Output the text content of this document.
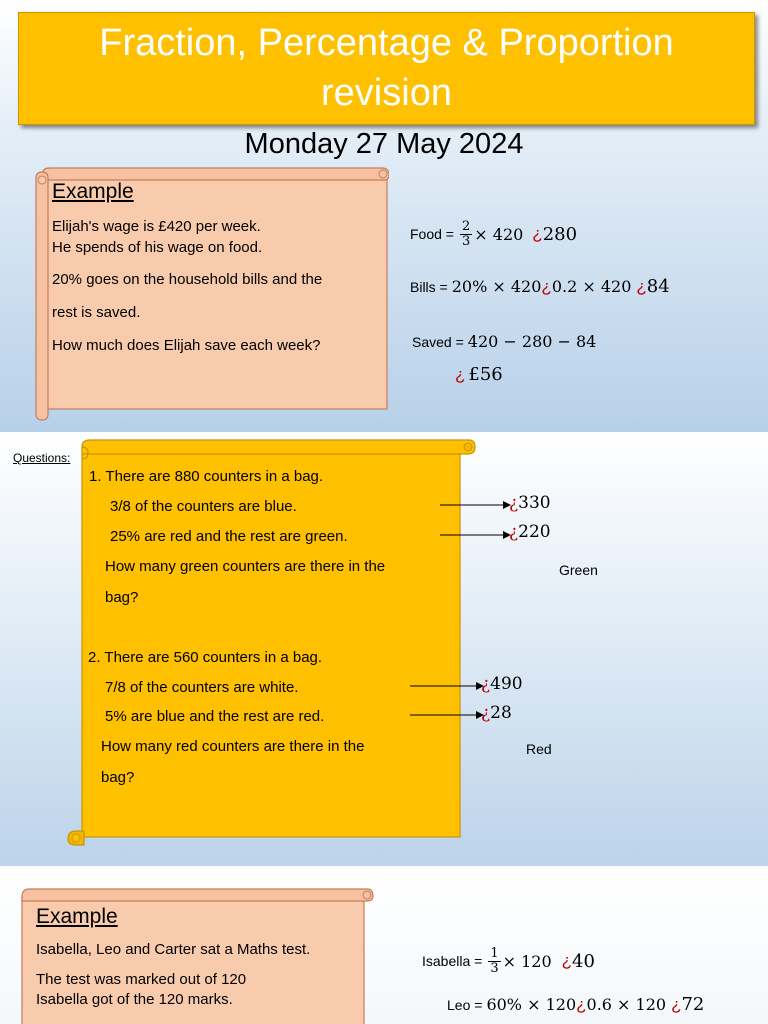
Fraction, Percentage & Proportion revision
Monday 27 May 2024
Example
Elijah's wage is £420 per week.
He spends of his wage on food.
20% goes on the household bills and the
rest is saved.
How much does Elijah save each week?
Food = $\frac{2}{3} \times 420$ ¿ 280
Bills = 20% × 420 ¿ 0.2 × 420 ¿ 84
Saved = 420 − 280 − 84
¿ £56
Questions:
1. There are 880 counters in a bag.
3/8 of the counters are blue.
25% are red and the rest are green.
How many green counters are there in the
bag?
2. There are 560 counters in a bag.
7/8 of the counters are white.
5% are blue and the rest are red.
How many red counters are there in the
bag?
¿330
¿220
Green
¿490
¿28
Red
Example
Isabella, Leo and Carter sat a Maths test.
The test was marked out of 120
Isabella got of the 120 marks.
Isabella = $\frac{1}{3} \times 120$ ¿ 40
Leo = 60% × 120 ¿ 0.6 × 120 ¿ 72
